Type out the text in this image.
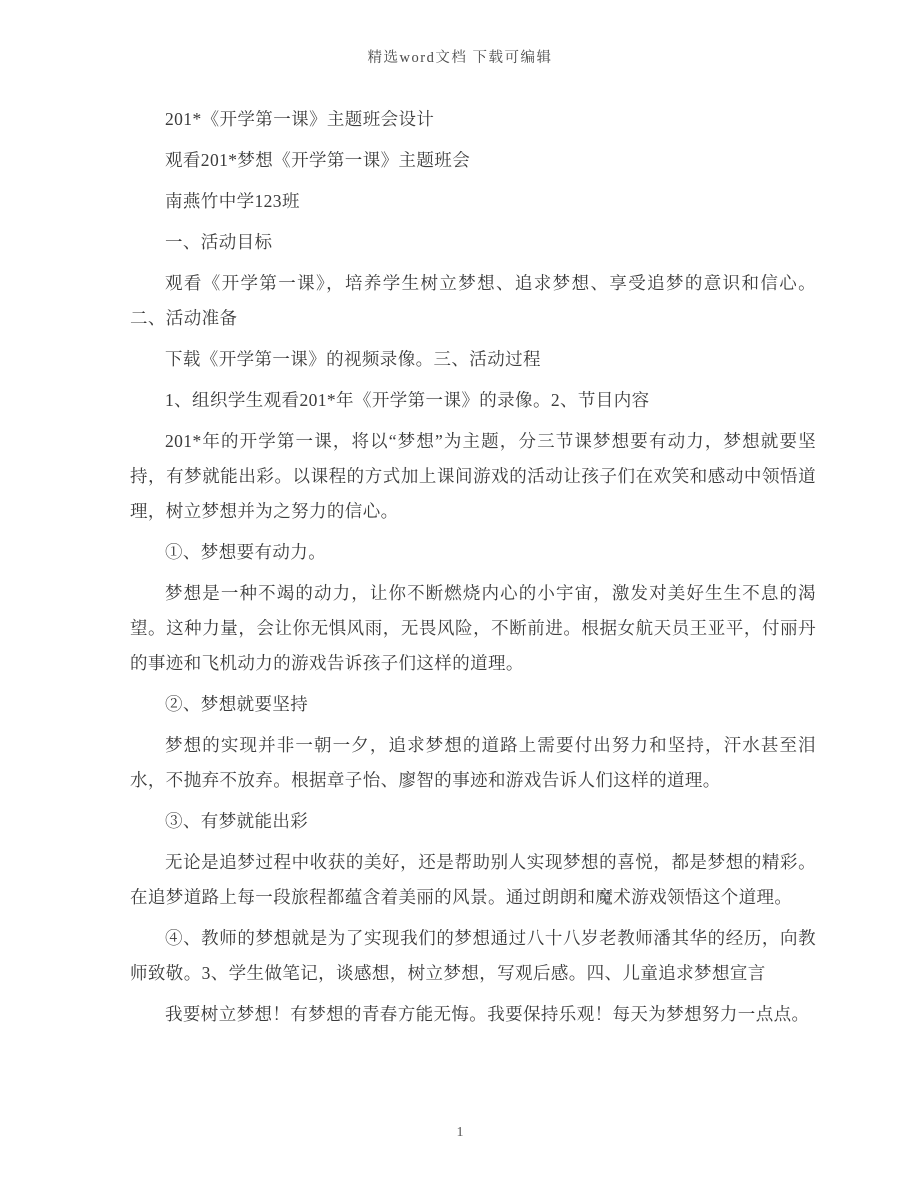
精选word文档 下载可编辑

201*《开学第一课》主题班会设计

观看201*梦想《开学第一课》主题班会

南燕竹中学123班

一、活动目标

观看《开学第一课》，培养学生树立梦想、追求梦想、享受追梦的意识和信心。二、活动准备

下载《开学第一课》的视频录像。三、活动过程

1、组织学生观看201*年《开学第一课》的录像。2、节目内容

201*年的开学第一课，将以“梦想”为主题，分三节课梦想要有动力，梦想就要坚持，有梦就能出彩。以课程的方式加上课间游戏的活动让孩子们在欢笑和感动中领悟道理，树立梦想并为之努力的信心。

①、梦想要有动力。

梦想是一种不竭的动力，让你不断燃烧内心的小宇宙，激发对美好生生不息的渴望。这种力量，会让你无惧风雨，无畏风险，不断前进。根据女航天员王亚平，付丽丹的事迹和飞机动力的游戏告诉孩子们这样的道理。

②、梦想就要坚持

梦想的实现并非一朝一夕，追求梦想的道路上需要付出努力和坚持，汗水甚至泪水，不抛弃不放弃。根据章子怡、廖智的事迹和游戏告诉人们这样的道理。

③、有梦就能出彩

无论是追梦过程中收获的美好，还是帮助别人实现梦想的喜悦，都是梦想的精彩。在追梦道路上每一段旅程都蕴含着美丽的风景。通过朗朗和魔术游戏领悟这个道理。

④、教师的梦想就是为了实现我们的梦想通过八十八岁老教师潘其华的经历，向教师致敬。3、学生做笔记，谈感想，树立梦想，写观后感。四、儿童追求梦想宣言

我要树立梦想！有梦想的青春方能无悔。我要保持乐观！每天为梦想努力一点点。

1
